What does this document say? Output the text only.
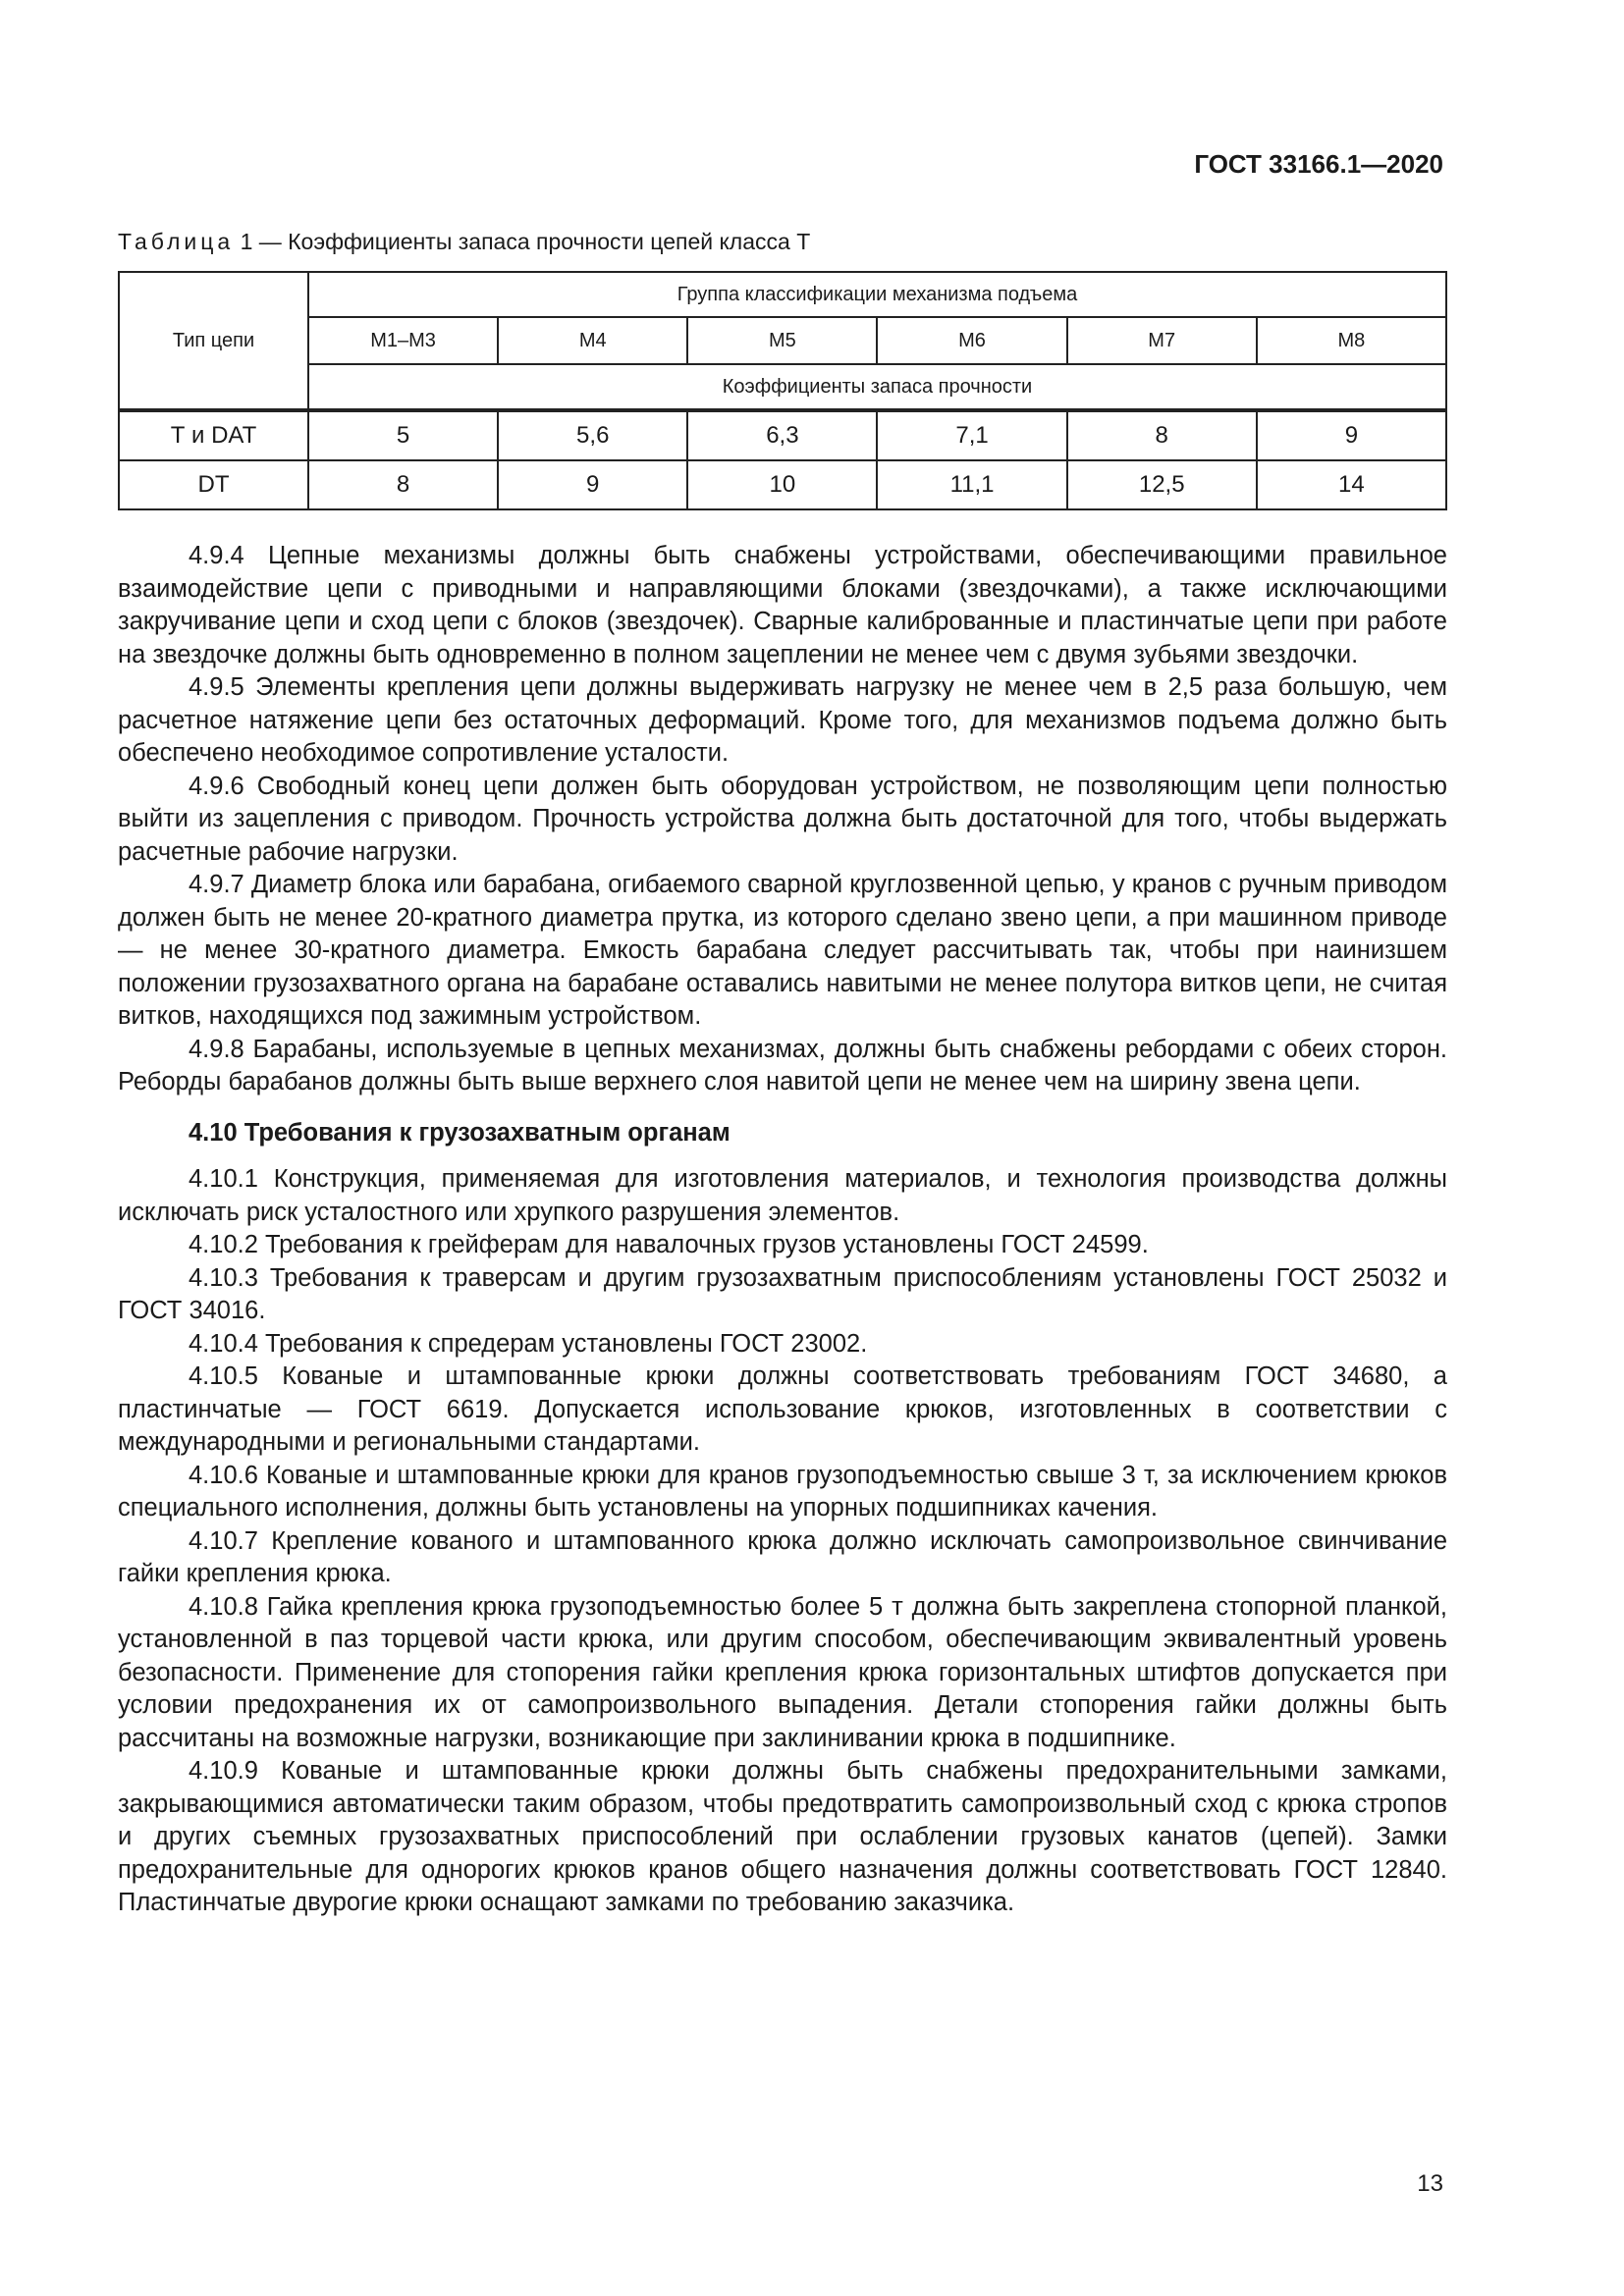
ГОСТ 33166.1—2020
Таблица 1 — Коэффициенты запаса прочности цепей класса Т
Тип цепи	Группа классификации механизма подъема					
	М1–М3	М4	М5	М6	М7	М8
	Коэффициенты запаса прочности					
Т и DAT	5	5,6	6,3	7,1	8	9
DT	8	9	10	11,1	12,5	14

4.9.4 Цепные механизмы должны быть снабжены устройствами, обеспечивающими правильное взаимодействие цепи с приводными и направляющими блоками (звездочками), а также исключающими закручивание цепи и сход цепи с блоков (звездочек). Сварные калиброванные и пластинчатые цепи при работе на звездочке должны быть одновременно в полном зацеплении не менее чем с двумя зубьями звездочки.

4.9.5 Элементы крепления цепи должны выдерживать нагрузку не менее чем в 2,5 раза большую, чем расчетное натяжение цепи без остаточных деформаций. Кроме того, для механизмов подъема должно быть обеспечено необходимое сопротивление усталости.

4.9.6 Свободный конец цепи должен быть оборудован устройством, не позволяющим цепи полностью выйти из зацепления с приводом. Прочность устройства должна быть достаточной для того, чтобы выдержать расчетные рабочие нагрузки.

4.9.7 Диаметр блока или барабана, огибаемого сварной круглозвенной цепью, у кранов с ручным приводом должен быть не менее 20-кратного диаметра прутка, из которого сделано звено цепи, а при машинном приводе — не менее 30-кратного диаметра. Емкость барабана следует рассчитывать так, чтобы при наинизшем положении грузозахватного органа на барабане оставались навитыми не менее полутора витков цепи, не считая витков, находящихся под зажимным устройством.

4.9.8 Барабаны, используемые в цепных механизмах, должны быть снабжены ребордами с обеих сторон. Реборды барабанов должны быть выше верхнего слоя навитой цепи не менее чем на ширину звена цепи.

4.10 Требования к грузозахватным органам

4.10.1 Конструкция, применяемая для изготовления материалов, и технология производства должны исключать риск усталостного или хрупкого разрушения элементов.

4.10.2 Требования к грейферам для навалочных грузов установлены ГОСТ 24599.

4.10.3 Требования к траверсам и другим грузозахватным приспособлениям установлены ГОСТ 25032 и ГОСТ 34016.

4.10.4 Требования к спредерам установлены ГОСТ 23002.

4.10.5 Кованые и штампованные крюки должны соответствовать требованиям ГОСТ 34680, а пластинчатые — ГОСТ 6619. Допускается использование крюков, изготовленных в соответствии с международными и региональными стандартами.

4.10.6 Кованые и штампованные крюки для кранов грузоподъемностью свыше 3 т, за исключением крюков специального исполнения, должны быть установлены на упорных подшипниках качения.

4.10.7 Крепление кованого и штампованного крюка должно исключать самопроизвольное свинчивание гайки крепления крюка.

4.10.8 Гайка крепления крюка грузоподъемностью более 5 т должна быть закреплена стопорной планкой, установленной в паз торцевой части крюка, или другим способом, обеспечивающим эквивалентный уровень безопасности. Применение для стопорения гайки крепления крюка горизонтальных штифтов допускается при условии предохранения их от самопроизвольного выпадения. Детали стопорения гайки должны быть рассчитаны на возможные нагрузки, возникающие при заклинивании крюка в подшипнике.

4.10.9 Кованые и штампованные крюки должны быть снабжены предохранительными замками, закрывающимися автоматически таким образом, чтобы предотвратить самопроизвольный сход с крюка стропов и других съемных грузозахватных приспособлений при ослаблении грузовых канатов (цепей). Замки предохранительные для однорогих крюков кранов общего назначения должны соответствовать ГОСТ 12840. Пластинчатые двурогие крюки оснащают замками по требованию заказчика.

13
